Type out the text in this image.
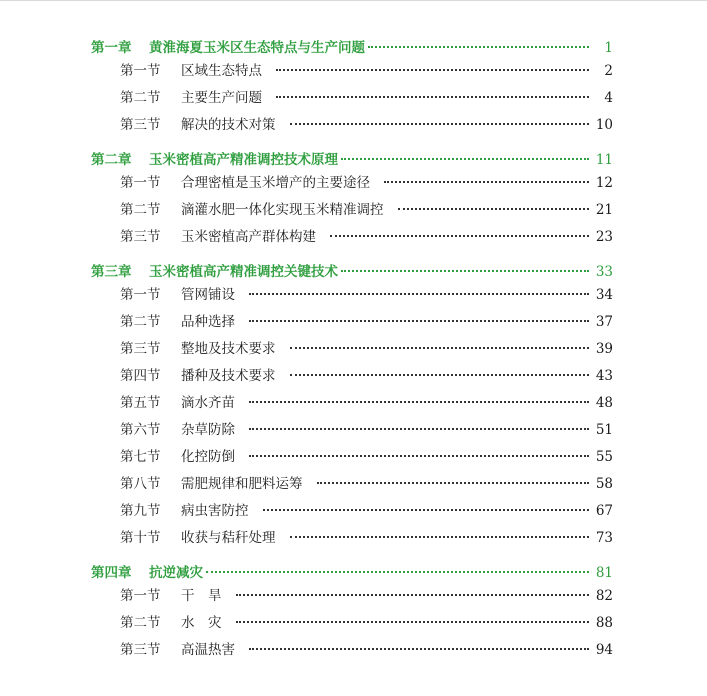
第一章	黄淮海夏玉米区生态特点与生产问题	1
第一节	区域生态特点	2
第二节	主要生产问题	4
第三节	解决的技术对策	10
第二章	玉米密植高产精准调控技术原理	11
第一节	合理密植是玉米增产的主要途径	12
第二节	滴灌水肥一体化实现玉米精准调控	21
第三节	玉米密植高产群体构建	23
第三章	玉米密植高产精准调控关键技术	33
第一节	管网铺设	34
第二节	品种选择	37
第三节	整地及技术要求	39
第四节	播种及技术要求	43
第五节	滴水齐苗	48
第六节	杂草防除	51
第七节	化控防倒	55
第八节	需肥规律和肥料运筹	58
第九节	病虫害防控	67
第十节	收获与秸秆处理	73
第四章	抗逆减灾	81
第一节	干　旱	82
第二节	水　灾	88
第三节	高温热害	94
